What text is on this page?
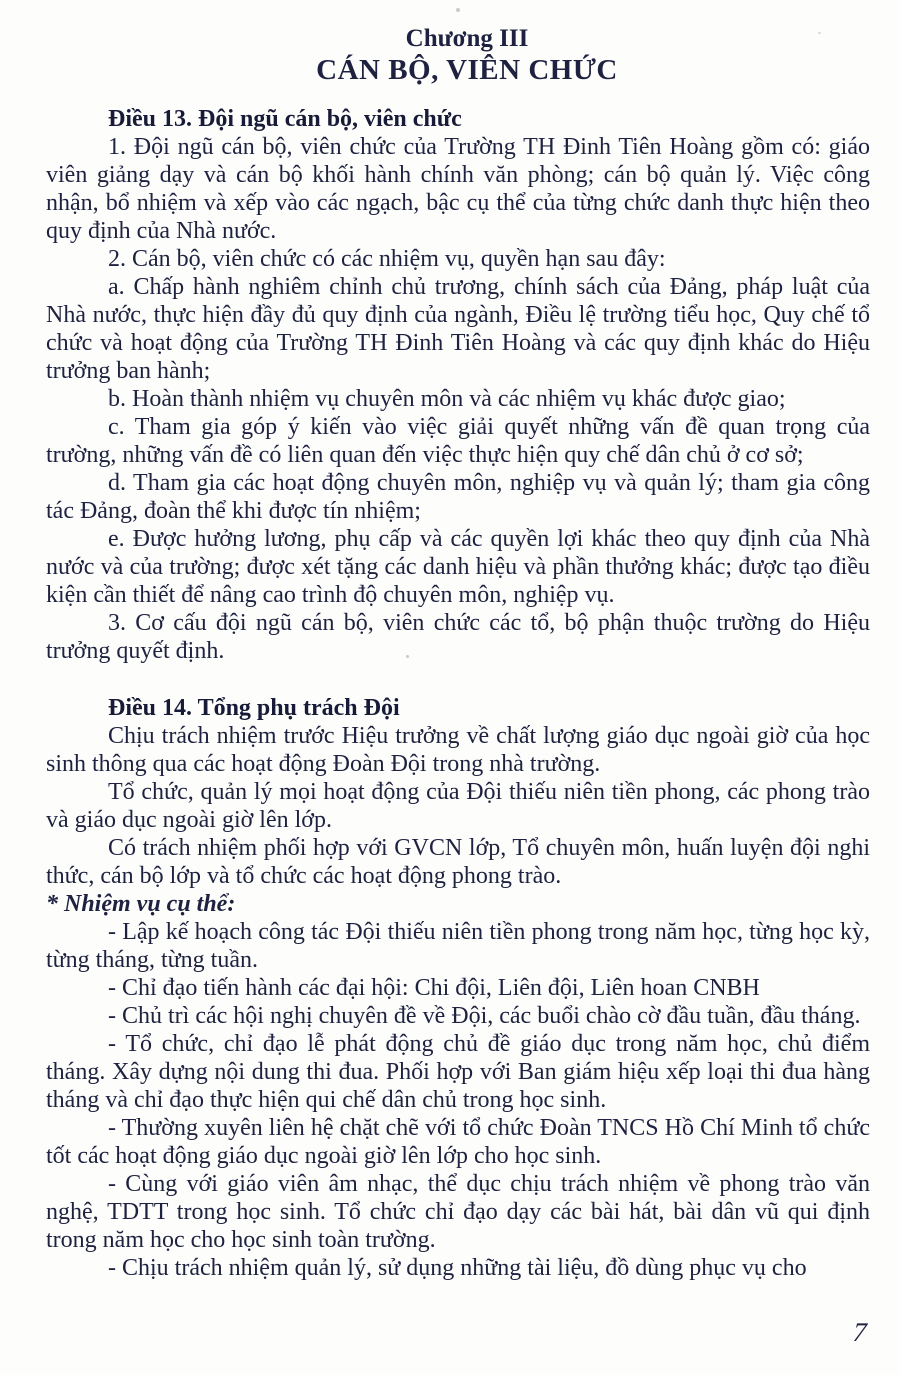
Chương III
CÁN BỘ, VIÊN CHỨC

Điều 13. Đội ngũ cán bộ, viên chức

1. Đội ngũ cán bộ, viên chức của Trường TH Đinh Tiên Hoàng gồm có: giáo viên giảng dạy và cán bộ khối hành chính văn phòng; cán bộ quản lý. Việc công nhận, bổ nhiệm và xếp vào các ngạch, bậc cụ thể của từng chức danh thực hiện theo quy định của Nhà nước.

2. Cán bộ, viên chức có các nhiệm vụ, quyền hạn sau đây:

a. Chấp hành nghiêm chỉnh chủ trương, chính sách của Đảng, pháp luật của Nhà nước, thực hiện đầy đủ quy định của ngành, Điều lệ trường tiểu học, Quy chế tổ chức và hoạt động của Trường TH Đinh Tiên Hoàng và các quy định khác do Hiệu trưởng ban hành;

b. Hoàn thành nhiệm vụ chuyên môn và các nhiệm vụ khác được giao;

c. Tham gia góp ý kiến vào việc giải quyết những vấn đề quan trọng của trường, những vấn đề có liên quan đến việc thực hiện quy chế dân chủ ở cơ sở;

d. Tham gia các hoạt động chuyên môn, nghiệp vụ và quản lý; tham gia công tác Đảng, đoàn thể khi được tín nhiệm;

e. Được hưởng lương, phụ cấp và các quyền lợi khác theo quy định của Nhà nước và của trường; được xét tặng các danh hiệu và phần thưởng khác; được tạo điều kiện cần thiết để nâng cao trình độ chuyên môn, nghiệp vụ.

3. Cơ cấu đội ngũ cán bộ, viên chức các tổ, bộ phận thuộc trường do Hiệu trưởng quyết định.

Điều 14. Tổng phụ trách Đội

Chịu trách nhiệm trước Hiệu trưởng về chất lượng giáo dục ngoài giờ của học sinh thông qua các hoạt động Đoàn Đội trong nhà trường.

Tổ chức, quản lý mọi hoạt động của Đội thiếu niên tiền phong, các phong trào và giáo dục ngoài giờ lên lớp.

Có trách nhiệm phối hợp với GVCN lớp, Tổ chuyên môn, huấn luyện đội nghi thức, cán bộ lớp và tổ chức các hoạt động phong trào.

* Nhiệm vụ cụ thể:

- Lập kế hoạch công tác Đội thiếu niên tiền phong trong năm học, từng học kỳ, từng tháng, từng tuần.

- Chỉ đạo tiến hành các đại hội: Chi đội, Liên đội, Liên hoan CNBH

- Chủ trì các hội nghị chuyên đề về Đội, các buổi chào cờ đầu tuần, đầu tháng.

- Tổ chức, chỉ đạo lễ phát động chủ đề giáo dục trong năm học, chủ điểm tháng. Xây dựng nội dung thi đua. Phối hợp với Ban giám hiệu xếp loại thi đua hàng tháng và chỉ đạo thực hiện qui chế dân chủ trong học sinh.

- Thường xuyên liên hệ chặt chẽ với tổ chức Đoàn TNCS Hồ Chí Minh tổ chức tốt các hoạt động giáo dục ngoài giờ lên lớp cho học sinh.

- Cùng với giáo viên âm nhạc, thể dục chịu trách nhiệm về phong trào văn nghệ, TDTT trong học sinh. Tổ chức chỉ đạo dạy các bài hát, bài dân vũ qui định trong năm học cho học sinh toàn trường.

- Chịu trách nhiệm quản lý, sử dụng những tài liệu, đồ dùng phục vụ cho

7
